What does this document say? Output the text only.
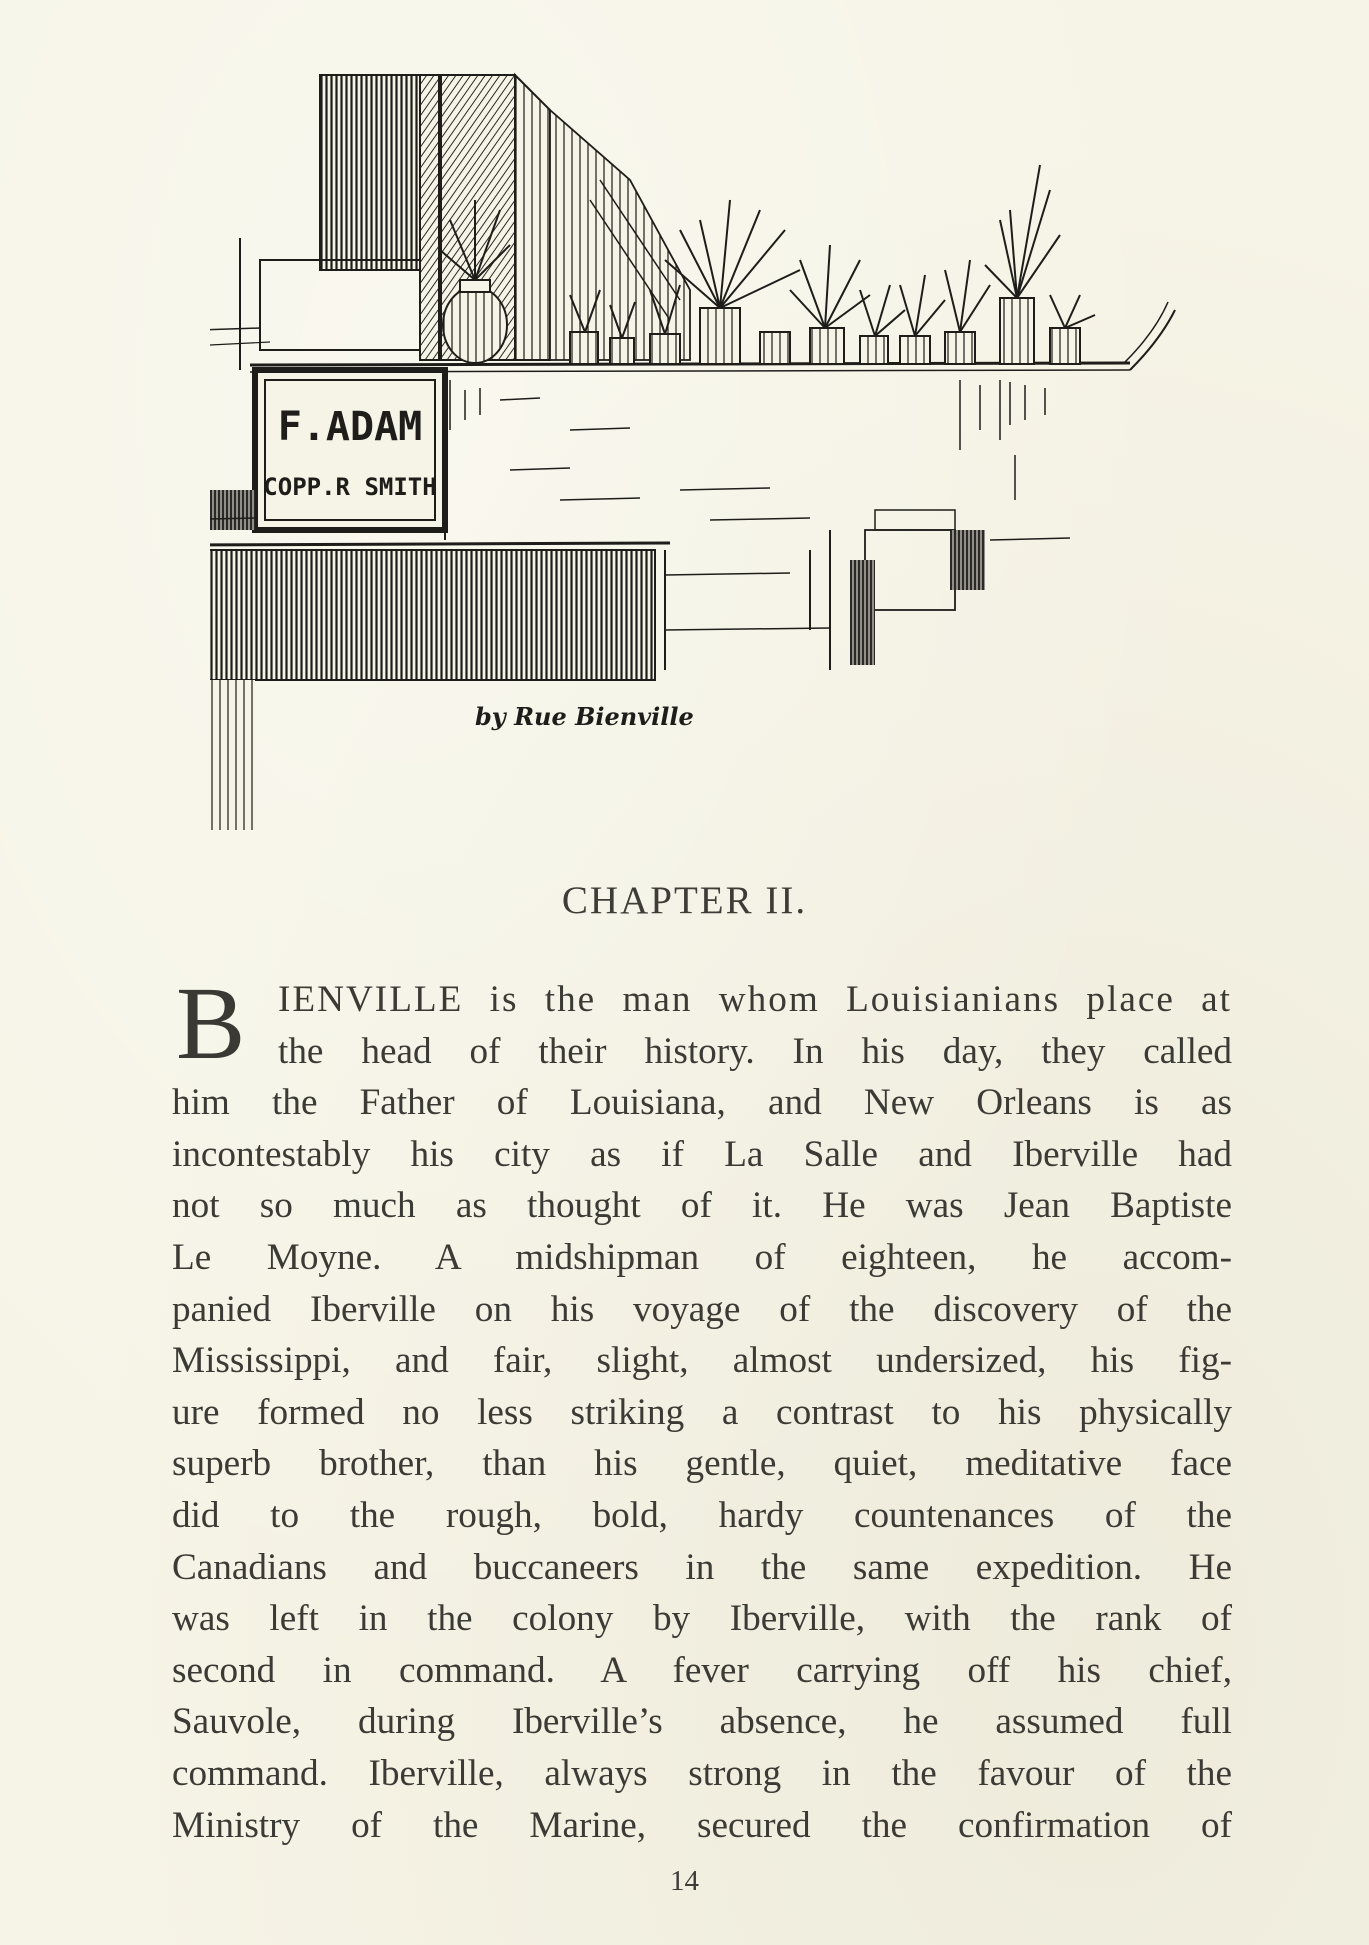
F.ADAM
COPP.R SMITH
by Rue Bienville
CHAPTER II.
B IENVILLE is the man whom Louisianians place at
the head of their history. In his day, they called
him the Father of Louisiana, and New Orleans is as
incontestably his city as if La Salle and Iberville had
not so much as thought of it. He was Jean Baptiste
Le Moyne. A midshipman of eighteen, he accom-
panied Iberville on his voyage of the discovery of the
Mississippi, and fair, slight, almost undersized, his fig-
ure formed no less striking a contrast to his physically
superb brother, than his gentle, quiet, meditative face
did to the rough, bold, hardy countenances of the
Canadians and buccaneers in the same expedition. He
was left in the colony by Iberville, with the rank of
second in command. A fever carrying off his chief,
Sauvole, during Iberville’s absence, he assumed full
command. Iberville, always strong in the favour of the
Ministry of the Marine, secured the confirmation of
14
